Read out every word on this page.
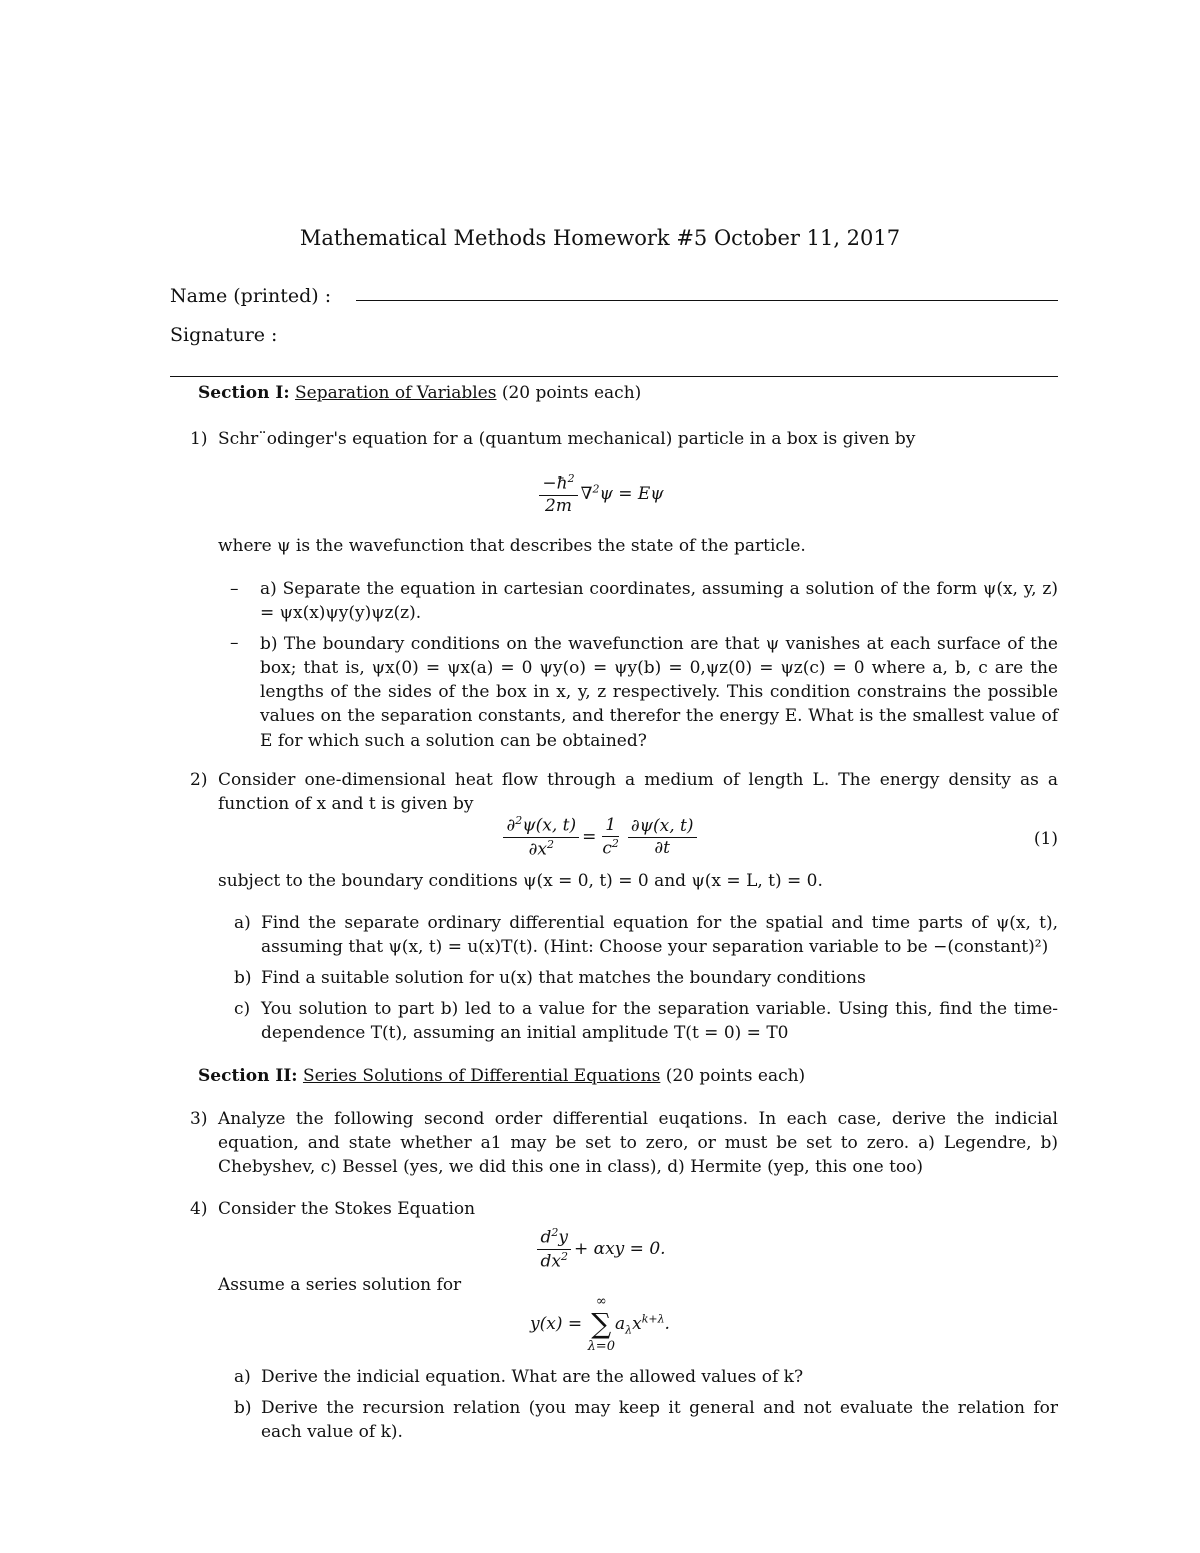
Mathematical Methods Homework #5 October 11, 2017
Name (printed) :
Signature :
Section I: Separation of Variables (20 points each)
1) Schr¨odinger's equation for a (quantum mechanical) particle in a box is given by
$\frac{-ħ^2}{2m} \nabla^2\psi = E\psi$
where ψ is the wavefunction that describes the state of the particle.
– a) Separate the equation in cartesian coordinates, assuming a solution of the form ψ(x, y, z) = ψx(x)ψy(y)ψz(z).
– b) The boundary conditions on the wavefunction are that ψ vanishes at each surface of the box; that is, ψx(0) = ψx(a) = 0 ψy(o) = ψy(b) = 0,ψz(0) = ψz(c) = 0 where a, b, c are the lengths of the sides of the box in x, y, z respectively. This condition constrains the possible values on the separation constants, and therefor the energy E. What is the smallest value of E for which such a solution can be obtained?
2) Consider one-dimensional heat flow through a medium of length L. The energy density as a function of x and t is given by
$\frac{\partial^2\psi(x, t)}{\partial x^2} = \frac{1}{c^2} \frac{\partial\psi(x, t)}{\partial t}$	(1)
subject to the boundary conditions ψ(x = 0, t) = 0 and ψ(x = L, t) = 0.
a) Find the separate ordinary differential equation for the spatial and time parts of ψ(x, t), assuming that ψ(x, t) = u(x)T(t). (Hint: Choose your separation variable to be −(constant)²)
b) Find a suitable solution for u(x) that matches the boundary conditions
c) You solution to part b) led to a value for the separation variable. Using this, find the time-dependence T(t), assuming an initial amplitude T(t = 0) = T0
Section II: Series Solutions of Differential Equations (20 points each)
3) Analyze the following second order differential euqations. In each case, derive the indicial equation, and state whether a1 may be set to zero, or must be set to zero. a) Legendre, b) Chebyshev, c) Bessel (yes, we did this one in class), d) Hermite (yep, this one too)
4) Consider the Stokes Equation
$\frac{d^2y}{dx^2} + \alpha xy = 0$.
Assume a series solution for
y(x) =
∞
∑
λ=0
$a_\lambda x^{k+\lambda}$.
a) Derive the indicial equation. What are the allowed values of k?
b) Derive the recursion relation (you may keep it general and not evaluate the relation for each value of k).
